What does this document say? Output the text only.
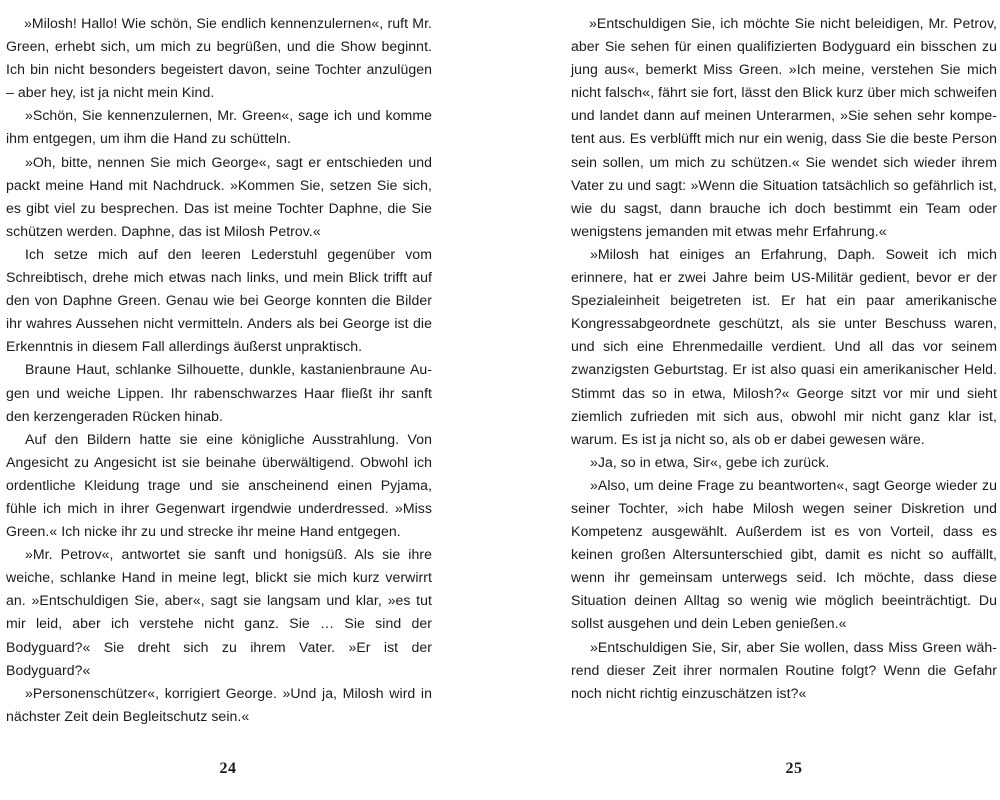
»Milosh! Hallo! Wie schön, Sie endlich kennenzulernen«, ruft Mr. Green, erhebt sich, um mich zu begrüßen, und die Show beginnt. Ich bin nicht besonders begeistert davon, seine Tochter anzulügen – aber hey, ist ja nicht mein Kind.

»Schön, Sie kennenzulernen, Mr. Green«, sage ich und komme ihm entgegen, um ihm die Hand zu schütteln.

»Oh, bitte, nennen Sie mich George«, sagt er entschieden und packt meine Hand mit Nachdruck. »Kommen Sie, setzen Sie sich, es gibt viel zu besprechen. Das ist meine Tochter Daphne, die Sie schützen werden. Daphne, das ist Milosh Petrov.«

Ich setze mich auf den leeren Lederstuhl gegenüber vom Schreibtisch, drehe mich etwas nach links, und mein Blick trifft auf den von Daphne Green. Genau wie bei George konnten die Bilder ihr wahres Aussehen nicht vermitteln. Anders als bei George ist die Erkenntnis in diesem Fall allerdings äußerst unpraktisch.

Braune Haut, schlanke Silhouette, dunkle, kastanienbraune Augen und weiche Lippen. Ihr rabenschwarzes Haar fließt ihr sanft den kerzengeraden Rücken hinab.

Auf den Bildern hatte sie eine königliche Ausstrahlung. Von Angesicht zu Angesicht ist sie beinahe überwältigend. Obwohl ich ordentliche Kleidung trage und sie anscheinend einen Pyjama, fühle ich mich in ihrer Gegenwart irgendwie underdressed. »Miss Green.« Ich nicke ihr zu und strecke ihr meine Hand entgegen.

»Mr. Petrov«, antwortet sie sanft und honigsüß. Als sie ihre weiche, schlanke Hand in meine legt, blickt sie mich kurz verwirrt an. »Entschuldigen Sie, aber«, sagt sie langsam und klar, »es tut mir leid, aber ich verstehe nicht ganz. Sie … Sie sind der Bodyguard?« Sie dreht sich zu ihrem Vater. »Er ist der Bodyguard?«

»Personenschützer«, korrigiert George. »Und ja, Milosh wird in nächster Zeit dein Begleitschutz sein.«

»Entschuldigen Sie, ich möchte Sie nicht beleidigen, Mr. Petrov, aber Sie sehen für einen qualifizierten Bodyguard ein bisschen zu jung aus«, bemerkt Miss Green. »Ich meine, verstehen Sie mich nicht falsch«, fährt sie fort, lässt den Blick kurz über mich schweifen und landet dann auf meinen Unterarmen, »Sie sehen sehr kompetent aus. Es verblüfft mich nur ein wenig, dass Sie die beste Person sein sollen, um mich zu schützen.« Sie wendet sich wieder ihrem Vater zu und sagt: »Wenn die Situation tatsächlich so gefährlich ist, wie du sagst, dann brauche ich doch bestimmt ein Team oder wenigstens jemanden mit etwas mehr Erfahrung.«

»Milosh hat einiges an Erfahrung, Daph. Soweit ich mich erinnere, hat er zwei Jahre beim US-Militär gedient, bevor er der Spezialeinheit beigetreten ist. Er hat ein paar amerikanische Kongressabgeordnete geschützt, als sie unter Beschuss waren, und sich eine Ehrenmedaille verdient. Und all das vor seinem zwanzigsten Geburtstag. Er ist also quasi ein amerikanischer Held. Stimmt das so in etwa, Milosh?« George sitzt vor mir und sieht ziemlich zufrieden mit sich aus, obwohl mir nicht ganz klar ist, warum. Es ist ja nicht so, als ob er dabei gewesen wäre.

»Ja, so in etwa, Sir«, gebe ich zurück.

»Also, um deine Frage zu beantworten«, sagt George wieder zu seiner Tochter, »ich habe Milosh wegen seiner Diskretion und Kompetenz ausgewählt. Außerdem ist es von Vorteil, dass es keinen großen Altersunterschied gibt, damit es nicht so auffällt, wenn ihr gemeinsam unterwegs seid. Ich möchte, dass diese Situation deinen Alltag so wenig wie möglich beeinträchtigt. Du sollst ausgehen und dein Leben genießen.«

»Entschuldigen Sie, Sir, aber Sie wollen, dass Miss Green während dieser Zeit ihrer normalen Routine folgt? Wenn die Gefahr noch nicht richtig einzuschätzen ist?«

24	25
